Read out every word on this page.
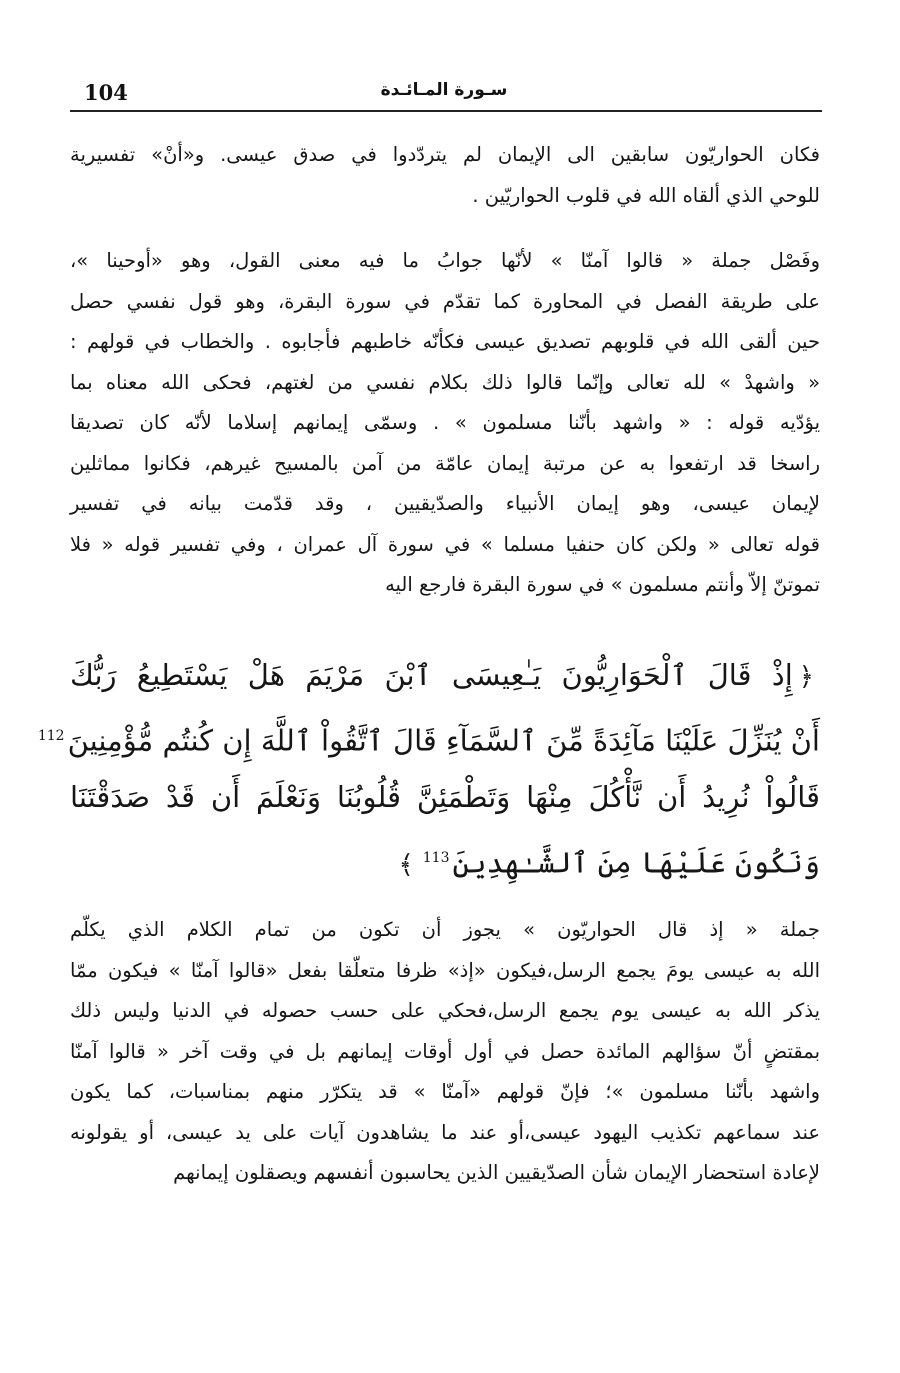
104	سـورة المـائـدة

فكان الحواريّون سابقين الى الإيمان لم يتردّدوا في صدق عيسى. و«أنْ» تفسيرية

للوحي الذي ألقاه الله في قلوب الحواريّين .

وفَصْل جملة « قالوا آمنّا » لأنّها جوابُ ما فيه معنى القول، وهو «أوحينا »،

على طريقة الفصل في المحاورة كما تقدّم في سورة البقرة، وهو قول نفسي حصل

حين ألقى الله في قلوبهم تصديق عيسى فكأنّه خاطبهم فأجابوه . والخطاب في قولهم :

« واشهدْ » لله تعالى وإنّما قالوا ذلك بكلام نفسي من لغتهم، فحكى الله معناه بما

يؤدّيه قوله : « واشهد بأنّنا مسلمون » . وسمّى إيمانهم إسلاما لأنّه كان تصديقا

راسخا قد ارتفعوا به عن مرتبة إيمان عامّة من آمن بالمسيح غيرهم، فكانوا مماثلين

لإيمان عيسى، وهو إيمان الأنبياء والصدّيقيين ، وقد قدّمت بيانه في تفسير

قوله تعالى « ولكن كان حنفيا مسلما » في سورة آل عمران ، وفي تفسير قوله « فلا

تموتنّ إلاّ وأنتم مسلمون » في سورة البقرة فارجع اليه

﴿إِذْ قَالَ ٱلْحَوَارِيُّونَ يَـٰعِيسَى ٱبْنَ مَرْيَمَ هَلْ يَسْتَطِيعُ رَبُّكَ

أَنْ يُنَزِّلَ عَلَيْنَا مَآئِدَةً مِّنَ ٱلسَّمَآءِ قَالَ ٱتَّقُواْ ٱللَّهَ إِن كُنتُم مُّؤْمِنِينَ$^{112}$

قَالُواْ نُرِيدُ أَن نَّأْكُلَ مِنْهَا وَتَطْمَئِنَّ قُلُوبُنَا وَنَعْلَمَ أَن قَدْ صَدَقْتَنَا

وَنَكُونَ عَلَيْهَا مِنَ ٱلشَّـٰهِدِينَ$^{113}$﴾

جملة « إذ قال الحواريّون » يجوز أن تكون من تمام الكلام الذي يكلّم

الله به عيسى يومَ يجمع الرسل،فيكون «إذ» ظرفا متعلّقا بفعل «قالوا آمنّا » فيكون ممّا

يذكر الله به عيسى يوم يجمع الرسل،فحكي على حسب حصوله في الدنيا وليس ذلك

بمقتضٍ أنّ سؤالهم المائدة حصل في أول أوقات إيمانهم بل في وقت آخر « قالوا آمنّا

واشهد بأنّنا مسلمون »؛ فإنّ قولهم «آمنّا » قد يتكرّر منهم بمناسبات، كما يكون

عند سماعهم تكذيب اليهود عيسى،أو عند ما يشاهدون آيات على يد عيسى، أو يقولونه

لإعادة استحضار الإيمان شأن الصدّيقيين الذين يحاسبون أنفسهم ويصقلون إيمانهم
